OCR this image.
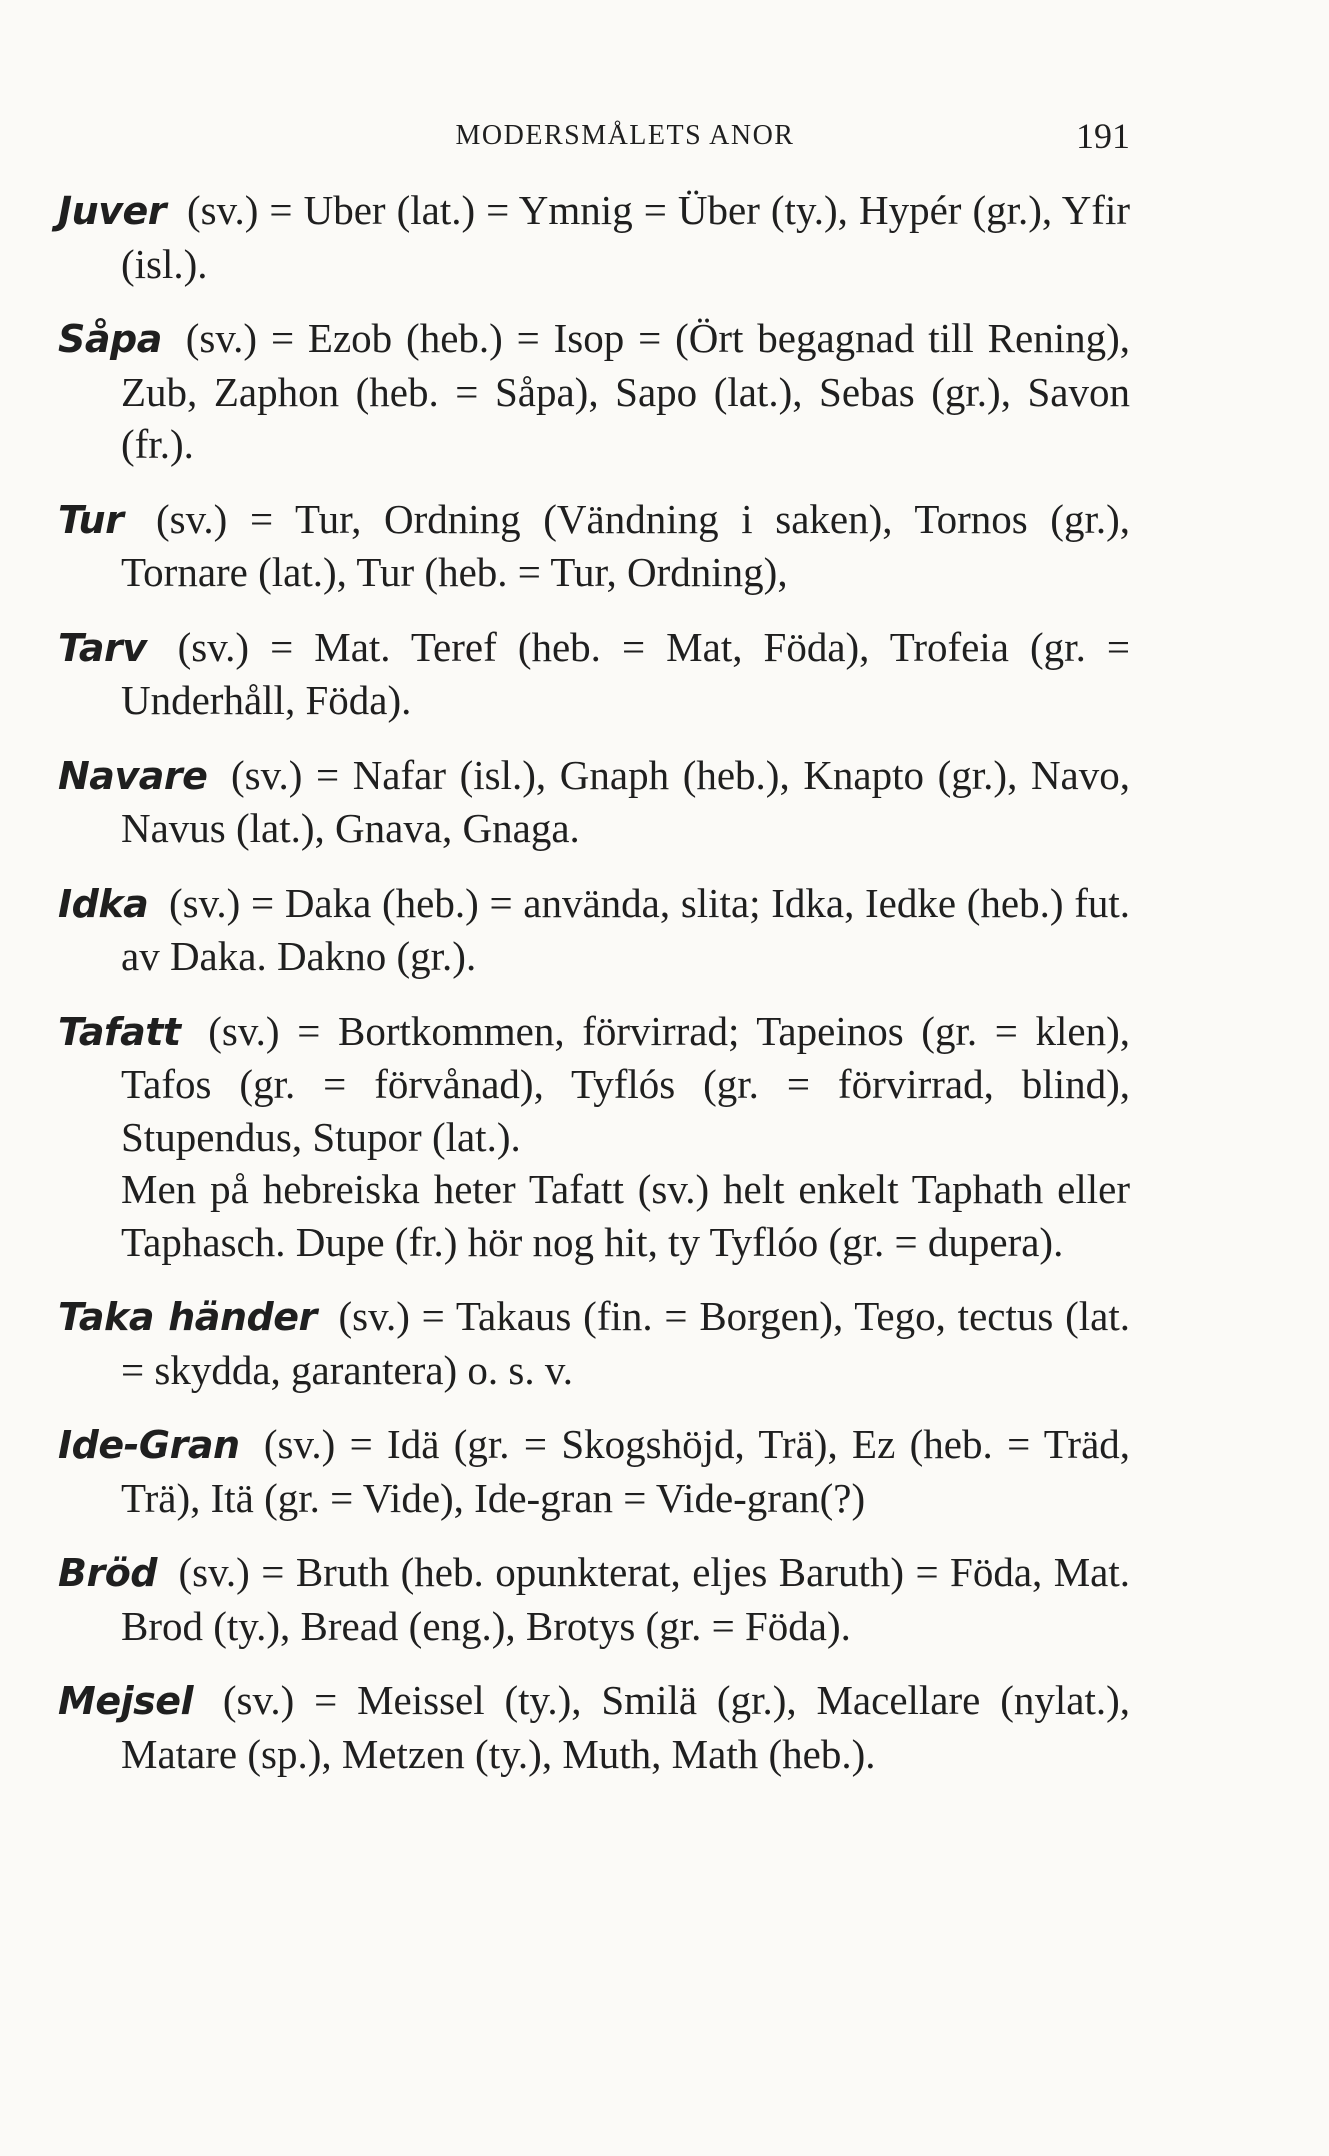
MODERSMÅLETS ANOR	191

Juver (sv.) = Uber (lat.) = Ymnig = Über (ty.), Hypér (gr.), Yfir (isl.).

Såpa (sv.) = Ezob (heb.) = Isop = (Ört begagnad till Rening), Zub, Zaphon (heb. = Såpa), Sapo (lat.), Sebas (gr.), Savon (fr.).

Tur (sv.) = Tur, Ordning (Vändning i saken), Tornos (gr.), Tornare (lat.), Tur (heb. = Tur, Ordning),

Tarv (sv.) = Mat. Teref (heb. = Mat, Föda), Trofeia (gr. = Underhåll, Föda).

Navare (sv.) = Nafar (isl.), Gnaph (heb.), Knapto (gr.), Navo, Navus (lat.), Gnava, Gnaga.

Idka (sv.) = Daka (heb.) = använda, slita; Idka, Iedke (heb.) fut. av Daka. Dakno (gr.).

Tafatt (sv.) = Bortkommen, förvirrad; Tapeinos (gr. = klen), Tafos (gr. = förvånad), Tyflós (gr. = förvirrad, blind), Stupendus, Stupor (lat.).
Men på hebreiska heter Tafatt (sv.) helt enkelt Taphath eller Taphasch. Dupe (fr.) hör nog hit, ty Tyflóo (gr. = dupera).

Taka händer (sv.) = Takaus (fin. = Borgen), Tego, tectus (lat. = skydda, garantera) o. s. v.

Ide-Gran (sv.) = Idä (gr. = Skogshöjd, Trä), Ez (heb. = Träd, Trä), Itä (gr. = Vide), Ide-gran = Vide-gran(?)

Bröd (sv.) = Bruth (heb. opunkterat, eljes Baruth) = Föda, Mat. Brod (ty.), Bread (eng.), Brotys (gr. = Föda).

Mejsel (sv.) = Meissel (ty.), Smilä (gr.), Macellare (nylat.), Matare (sp.), Metzen (ty.), Muth, Math (heb.).
